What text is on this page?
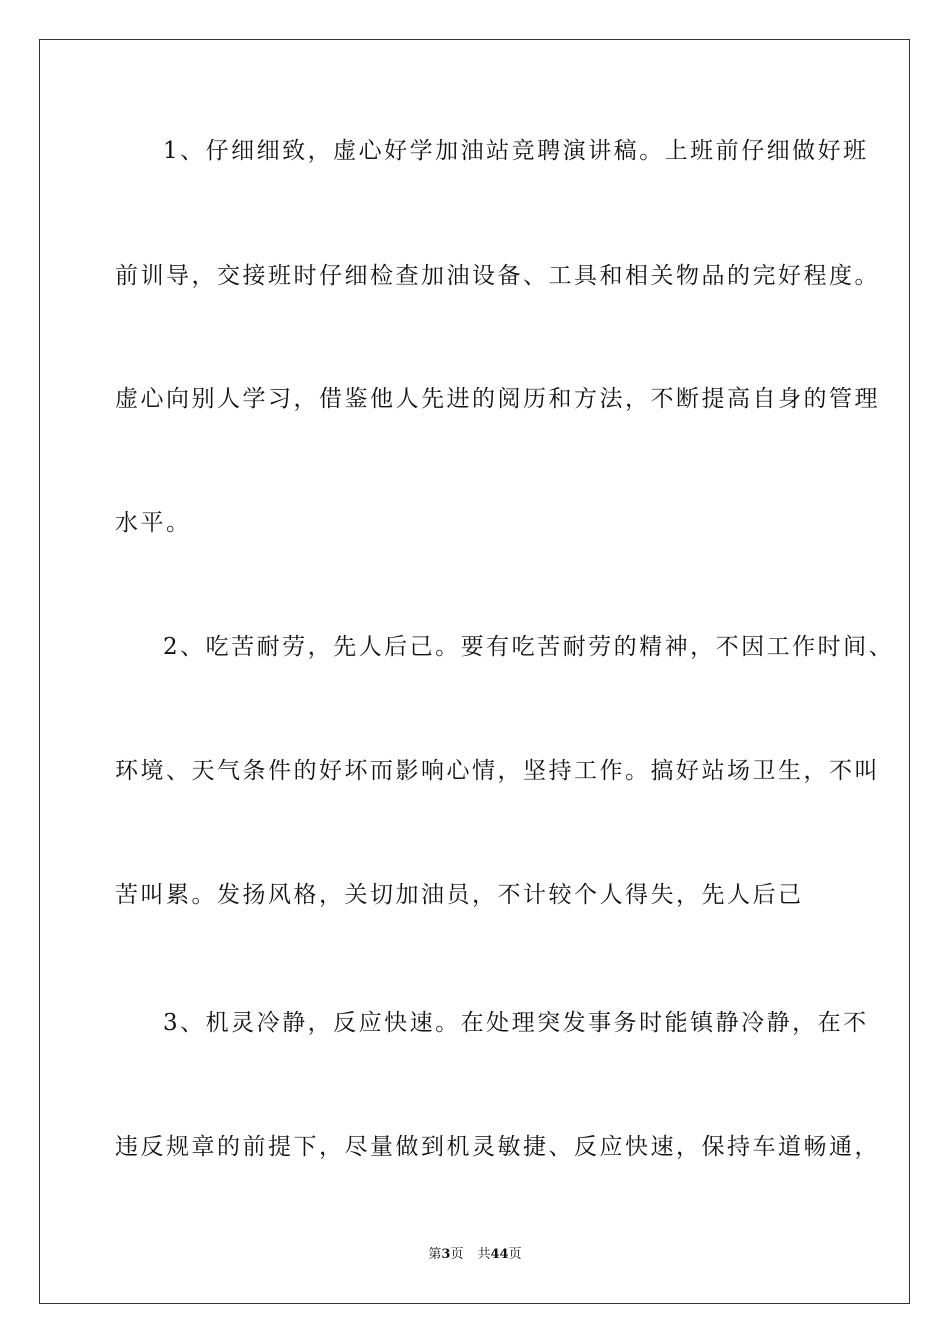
1、仔细细致，虚心好学加油站竞聘演讲稿。上班前仔细做好班
前训导，交接班时仔细检查加油设备、工具和相关物品的完好程度。
虚心向别人学习，借鉴他人先进的阅历和方法，不断提高自身的管理
水平。
2、吃苦耐劳，先人后己。要有吃苦耐劳的精神，不因工作时间、
环境、天气条件的好坏而影响心情，坚持工作。搞好站场卫生，不叫
苦叫累。发扬风格，关切加油员，不计较个人得失，先人后己
3、机灵冷静，反应快速。在处理突发事务时能镇静冷静，在不
违反规章的前提下，尽量做到机灵敏捷、反应快速，保持车道畅通，
第3页 共44页
